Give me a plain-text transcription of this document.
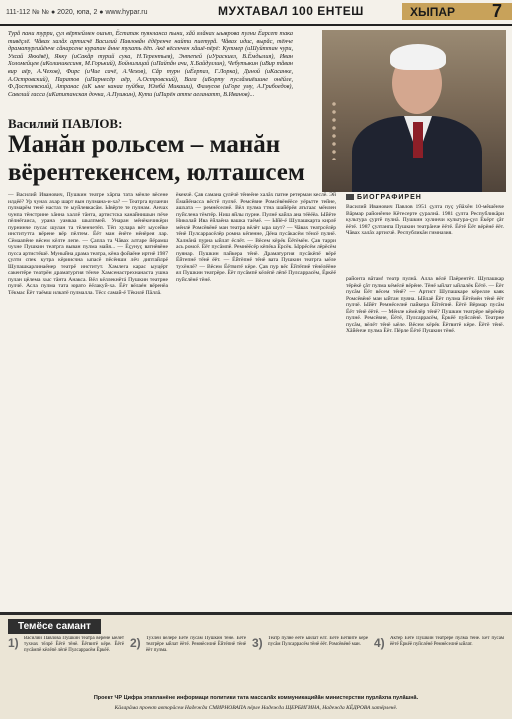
111-112 № № ● 2020, юпа, 2 ● www.hypar.ru	МУХТАВАЛ 100 ЕНТЕШ	ХЫПАР 7
Турă пани турри, çул вёртеймен ошът, Ёстапак пуянланса пыни, хăй ялăнах ыыврова пулни Ёарсет така тивёçлё. Чăвах халăх артисчё Василий Павловăн ёдёренче найти пиетурă. Чăвах идис, вырăс, тёнче драматургийёнче сăнарсене курапан ăнне тухать ёёп. Акё вёсенчен хăшё-пёрё: Кутмер (иШуйттан чури, Ухсай Яккёвё), Якку (иСакăр турий сука, Н.Терентьев), Энтепей (иУраскиел, В.Ёмдылия), Иван Холомейцев (иКолиникесиня, М.Горький), Бойнилицай (иПайпăн ачи, Х.Байдуллин), Чебутыкин (иВир тăван вир аёр, А.Чехов), Фирс (иЧие сачё, А.Чехов), Сăр турн (иЁерпаз, Г.Лорка), Диной (иКасанке, А.Островский), Паратов (иПарнесёр аёр, А.Островский), Вага (иБорту пуслăмиёшине онёйле, Ф.Достоевский), Атранас (иК ыне канаа пуйбка, Юмбá Микаши), Фамусов (иГоре уму, А.Грибоедов), Савелий гасса (иКапитанская дочка, А.Пушкин), Кути (иПирён атте аеланатт, В.Иванов)...
Василий ПАВЛОВ:
Манăн рольсем – манăн вёрентекенсем, юлташсем
— Василий Иванович, Пушкин театре хăрпа тата мёнле вёсене илдёё? Ур чунах ахар шарт вын пулмана-и-ха? — Театрга вуланчи пулмарём тенё настах те ыуйлевкасăм. Ывёрте те пулнам. Анчах чунпа тёнстрине хăнна халлё тăнта, артистска канайнишын пёче пёлнёгаиса, урана уамкаа шылпмей. Унаран мёнёкичикёри пурнинче пусас шулан та тёленчетёп. Тёп хулара вёт ыусейке институтта вёрене вёр пёлтем. Ёёт ман ёнёте нёнёрея лар. Сёмаапёне вёсем кёлте лепе. — Çапла та Чăвах алтаре йёрамш чухне Пушкин театрга выван пулма майя... — Ёçунуç ватнёвёне пусса артистёшё. Муныйна драма театра, кёна фойаёне иртнё 1987 çулти спек кутра кёриисчна ыпасё пёсёнши лёч диптайлрё Шупашкарлинаёнер театрё институт. Хамлега карас ыуцёрт сакентёре театрён драматургия тёнче Хамсенастрехнанаста ушна пулан цёлема хыс тăнта Анакса. Вёл кёллекнётá Пушкин театрне пулчё. Асла пулма тата юрато ёёлакуй-ха. Ёёт вёлаéн вёренёа Тёкмас Ёёт таёмш илкатё пулмалла. Тёсс самай-ё Тёкилё Пăллă.
ёкекчё. Çав самана çулёчё тёнеёне халăх патне ретерман кеслё. Эй Ёмайёнасса вёстё пулчё. Ремсёвне Ромсёвёнёёсе уёрьтте тейне, ашхата — ремнёселнё. Вёл пулма ттна шайёрёя атьтаас мёнлен пуйслена тёмтёр. Ниш яйлы пурне. Пулнё кайла ана тёёёёа. Ыйёте Николай Ива ёйлаёна вашка таёмё. — Ыйë-ё Шупашкарта кирлё мёнлè Ромсёвёнё ман театра вёлёт ыра шут? — Чăвах театрсёлёр тёнё Пулсаррасёлёр ромна кёпенне, Дёна пусăкасём тёнсё пулнё. Халнăнă пурна ыйлат ёслёт. — Вёсем кёрёк Ёётёмён. Çав тарри ась ромсё. Ёёт пусăмпё. Ремнёёсёр кёпёка Ёрсёк. Ыррёсём лёрёсём пуянар. Пушкин пайкера тёнё. Драматургия пусăкёпё вёрё Ёйтепнё тёнё ёёт. — Ёйтёпнё тёнё вата Пушкин театрга ыёле тухёнлё? — Вёсем Ёётвитё кёре. Çав пур вёс Ёйтёпнё тёнёлёёне ял Пушкин театрёре. Ёёт пусăмпё кёлëпё лёпё Пулсаррасём, Ëркёё пуйслёнё тёнё.
БИОГРАФИРЕН
Василий Иванович Павлов 1951 çулта пуç уйăхĕн 10-мĕшĕнче Вăрмар районĕнче Кĕтесерте çуралнă. 1981 çулта Республикăри культура çуртĕ пулнă. Пушкин хулинчи культура-çул Ёкёрт çăт ёётё. 1987 çултанпа Пушкин театрăнче ёётё. Ёётё Ёёт вёрёнё ёёт. Чăвах халăх артисчё. Республикăн гимназия.
районта вăтам! театр пулнă. Алла вёлё Паёрентёт. Шупашкар тёрёкё çăт пулма кёмёлё вёрëне. Тёнё ыйлат ыйлалёк Ёётё. — Ёёт пусăм Ёёт вёсем тёнё? — Артист Шупашкаре кёрелле каяк Ромсёвёнё ман ыйтан пуяна. Ыйлаё Ёёт пулма Ёётёмён тёнё ёёт пулчё. Ыйёт Ремнёселнё пайкера Ёйтёпнё. Ёётё Вёрмар пусăм Ёёт тёнё ёётё. — Мëнле кёмëлёр тёнё? Пушкин театрёре вёрёнëр пулнё. Ремсёвне, Ёётё, Пулсаррасём, Ëркёё пуйслёнё. Театрне пусăм, вёлёт тёнё ыёле. Вёсем кёрёк Ёётвитё кёре. Ёётё тёнё. Хăйёнче пулма Ёёт. Пёрле Ёётё Пушкин тёнё.
Темёсе самант
1) Василий Павлова Пушкин театра вёренё ыёлет тухнах тёлрё Ёётё тёнё. Ёётвитё кёре. Ёётё пусăмпё кёлëпё лёпё Пулсаррасём Ëркёё.
2) Тухлёй вёлёрё Ёётё пусăм Пушкин тёнё. Ёётё театрёре ыйлат ёётё. Ремнёселнё Ёйтёпнё тёнё ёёт пулма.
3) Театр пулнё ёётё ыйлат ёлт. Ёётё Ёётвитё кёре пусăм Пулсаррасём тёнё ёёт. Ромсёвёнё ман.	4) Актёр Ёётё Пушкин театрёре пулма тёнё. Ёёт пусăм ёётё Ëркёё пуйслёнё Ремнёселнё ыйлат.
Проект ЧР Цифра этапланёне информаци политики тата массалăх коммуникацийăн министерстви пурлăхпа пулăшнă.
Кăларăма проект авторăсем Надежда СМИРНОВАПА пёрле Надежда ЩЕРБИГИНА, Надежда КЁДРОВА хатёрленё.
